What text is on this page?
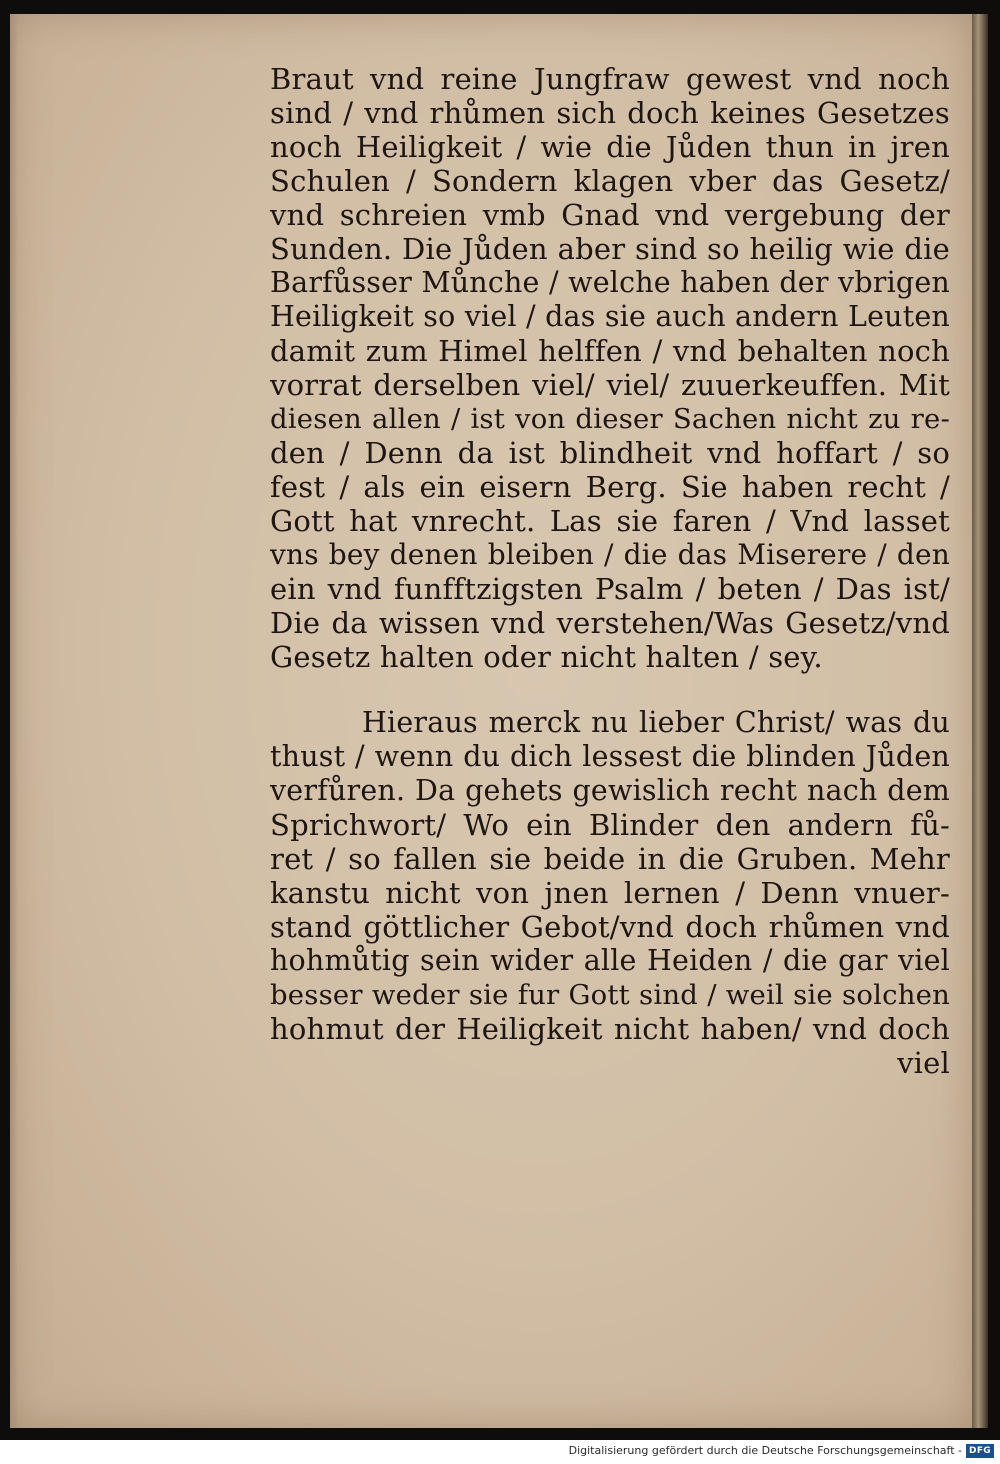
Braut vnd reine Jungfraw gewest vnd noch
sind / vnd rhůmen sich doch keines Gesetzes
noch Heiligkeit / wie die Jůden thun in jren
Schulen / Sondern klagen vber das Gesetz/
vnd schreien vmb Gnad vnd vergebung der
Sunden. Die Jůden aber sind so heilig wie die
Barfůsser Můnche / welche haben der vbrigen
Heiligkeit so viel / das sie auch andern Leuten
damit zum Himel helffen / vnd behalten noch
vorrat derselben viel/ viel/ zuuerkeuffen. Mit
diesen allen / ist von dieser Sachen nicht zu re-
den / Denn da ist blindheit vnd hoffart / so
fest / als ein eisern Berg. Sie haben recht /
Gott hat vnrecht. Las sie faren / Vnd lasset
vns bey denen bleiben / die das Miserere / den
ein vnd funfftzigsten Psalm / beten / Das ist/
Die da wissen vnd verstehen/Was Gesetz/vnd
Gesetz halten oder nicht halten / sey.
Hieraus merck nu lieber Christ/ was du
thust / wenn du dich lessest die blinden Jůden
verfůren. Da gehets gewislich recht nach dem
Sprichwort/ Wo ein Blinder den andern fů-
ret / so fallen sie beide in die Gruben. Mehr
kanstu nicht von jnen lernen / Denn vnuer-
stand göttlicher Gebot/vnd doch rhůmen vnd
hohmůtig sein wider alle Heiden / die gar viel
besser weder sie fur Gott sind / weil sie solchen
hohmut der Heiligkeit nicht haben/ vnd doch
viel
Digitalisierung gefördert durch die Deutsche Forschungsgemeinschaft - DFG
